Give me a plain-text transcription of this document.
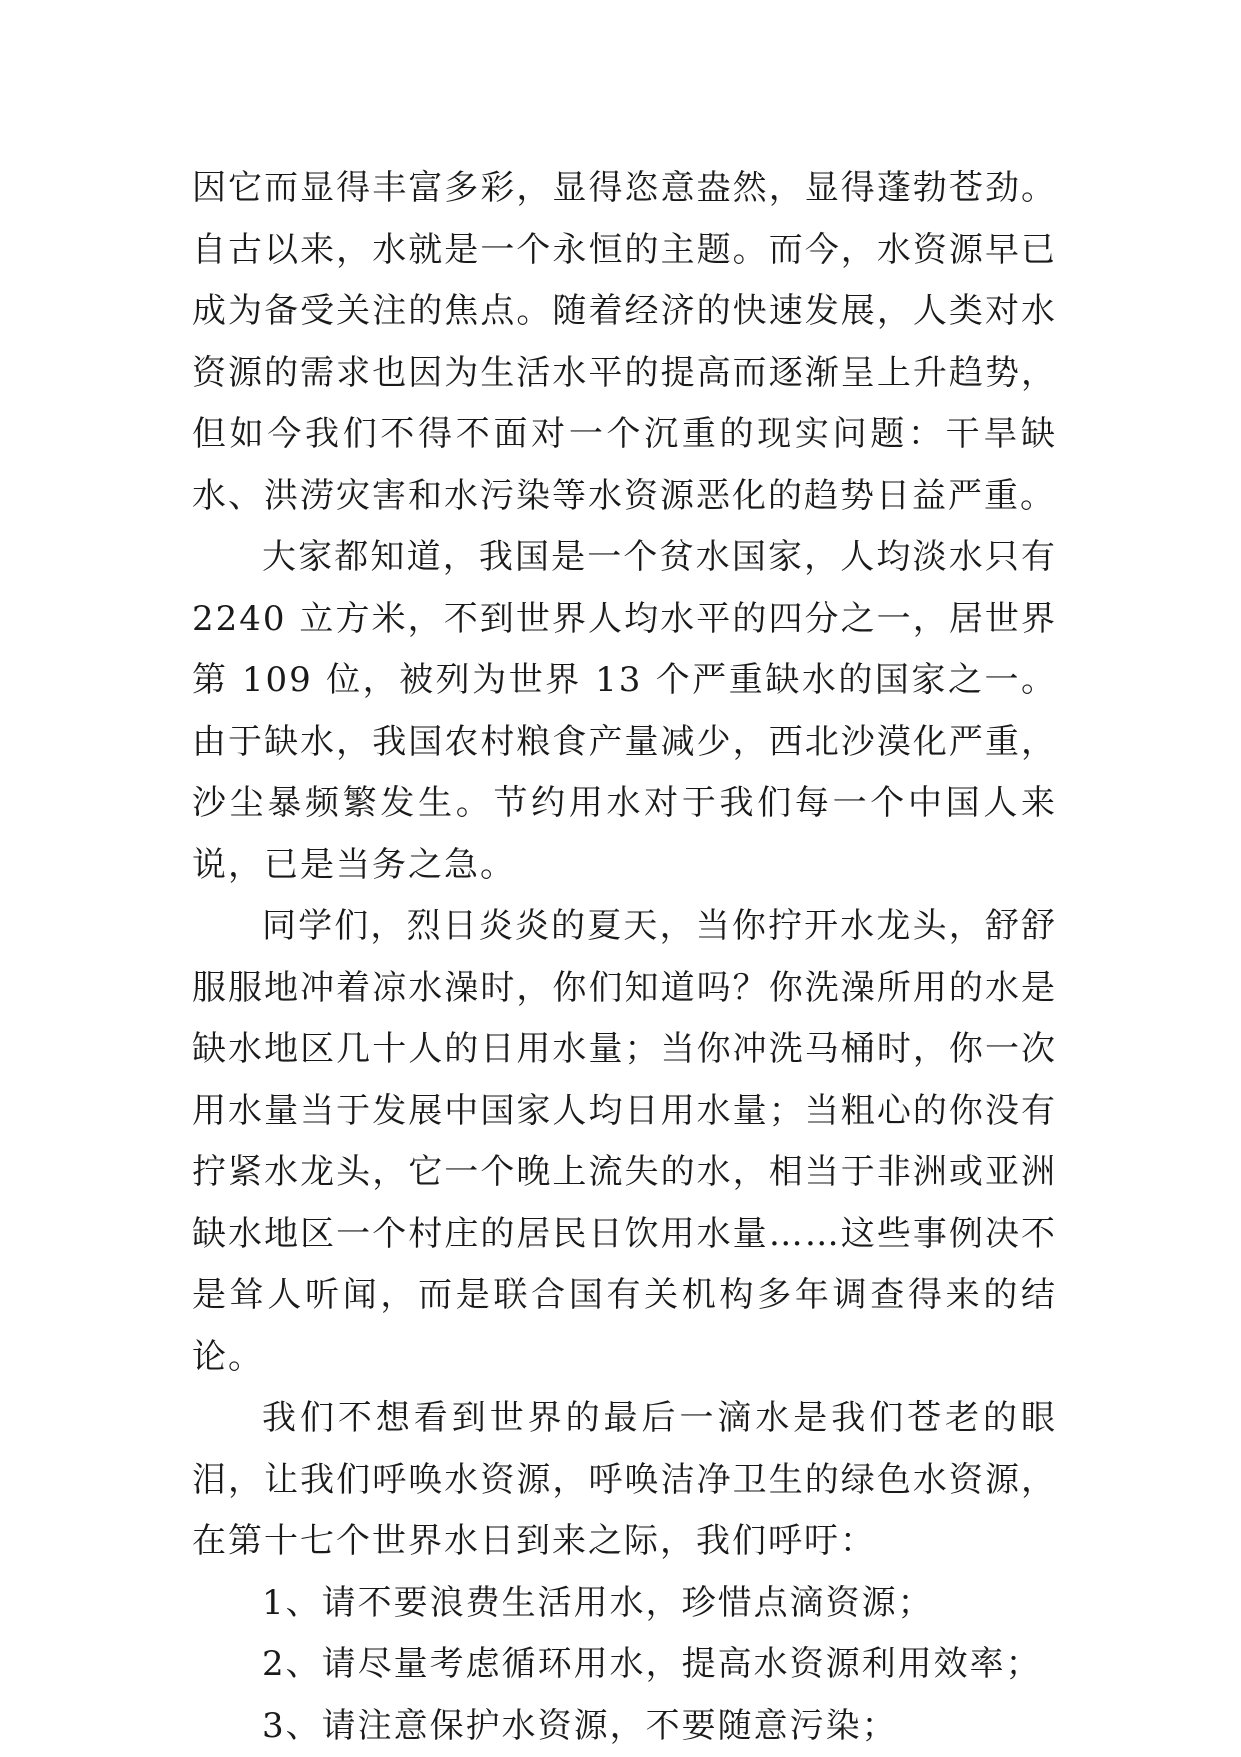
因它而显得丰富多彩，显得恣意盎然，显得蓬勃苍劲。自古以来，水就是一个永恒的主题。而今，水资源早已成为备受关注的焦点。随着经济的快速发展，人类对水资源的需求也因为生活水平的提高而逐渐呈上升趋势，但如今我们不得不面对一个沉重的现实问题：干旱缺水、洪涝灾害和水污染等水资源恶化的趋势日益严重。

大家都知道，我国是一个贫水国家，人均淡水只有 2240 立方米，不到世界人均水平的四分之一，居世界第 109 位，被列为世界 13 个严重缺水的国家之一。由于缺水，我国农村粮食产量减少，西北沙漠化严重，沙尘暴频繁发生。节约用水对于我们每一个中国人来说，已是当务之急。

同学们，烈日炎炎的夏天，当你拧开水龙头，舒舒服服地冲着凉水澡时，你们知道吗？你洗澡所用的水是缺水地区几十人的日用水量；当你冲洗马桶时，你一次用水量当于发展中国家人均日用水量；当粗心的你没有拧紧水龙头，它一个晚上流失的水，相当于非洲或亚洲缺水地区一个村庄的居民日饮用水量……这些事例决不是耸人听闻，而是联合国有关机构多年调查得来的结论。

我们不想看到世界的最后一滴水是我们苍老的眼泪，让我们呼唤水资源，呼唤洁净卫生的绿色水资源，在第十七个世界水日到来之际，我们呼吁：

1、请不要浪费生活用水，珍惜点滴资源；

2、请尽量考虑循环用水，提高水资源利用效率；

3、请注意保护水资源，不要随意污染；
